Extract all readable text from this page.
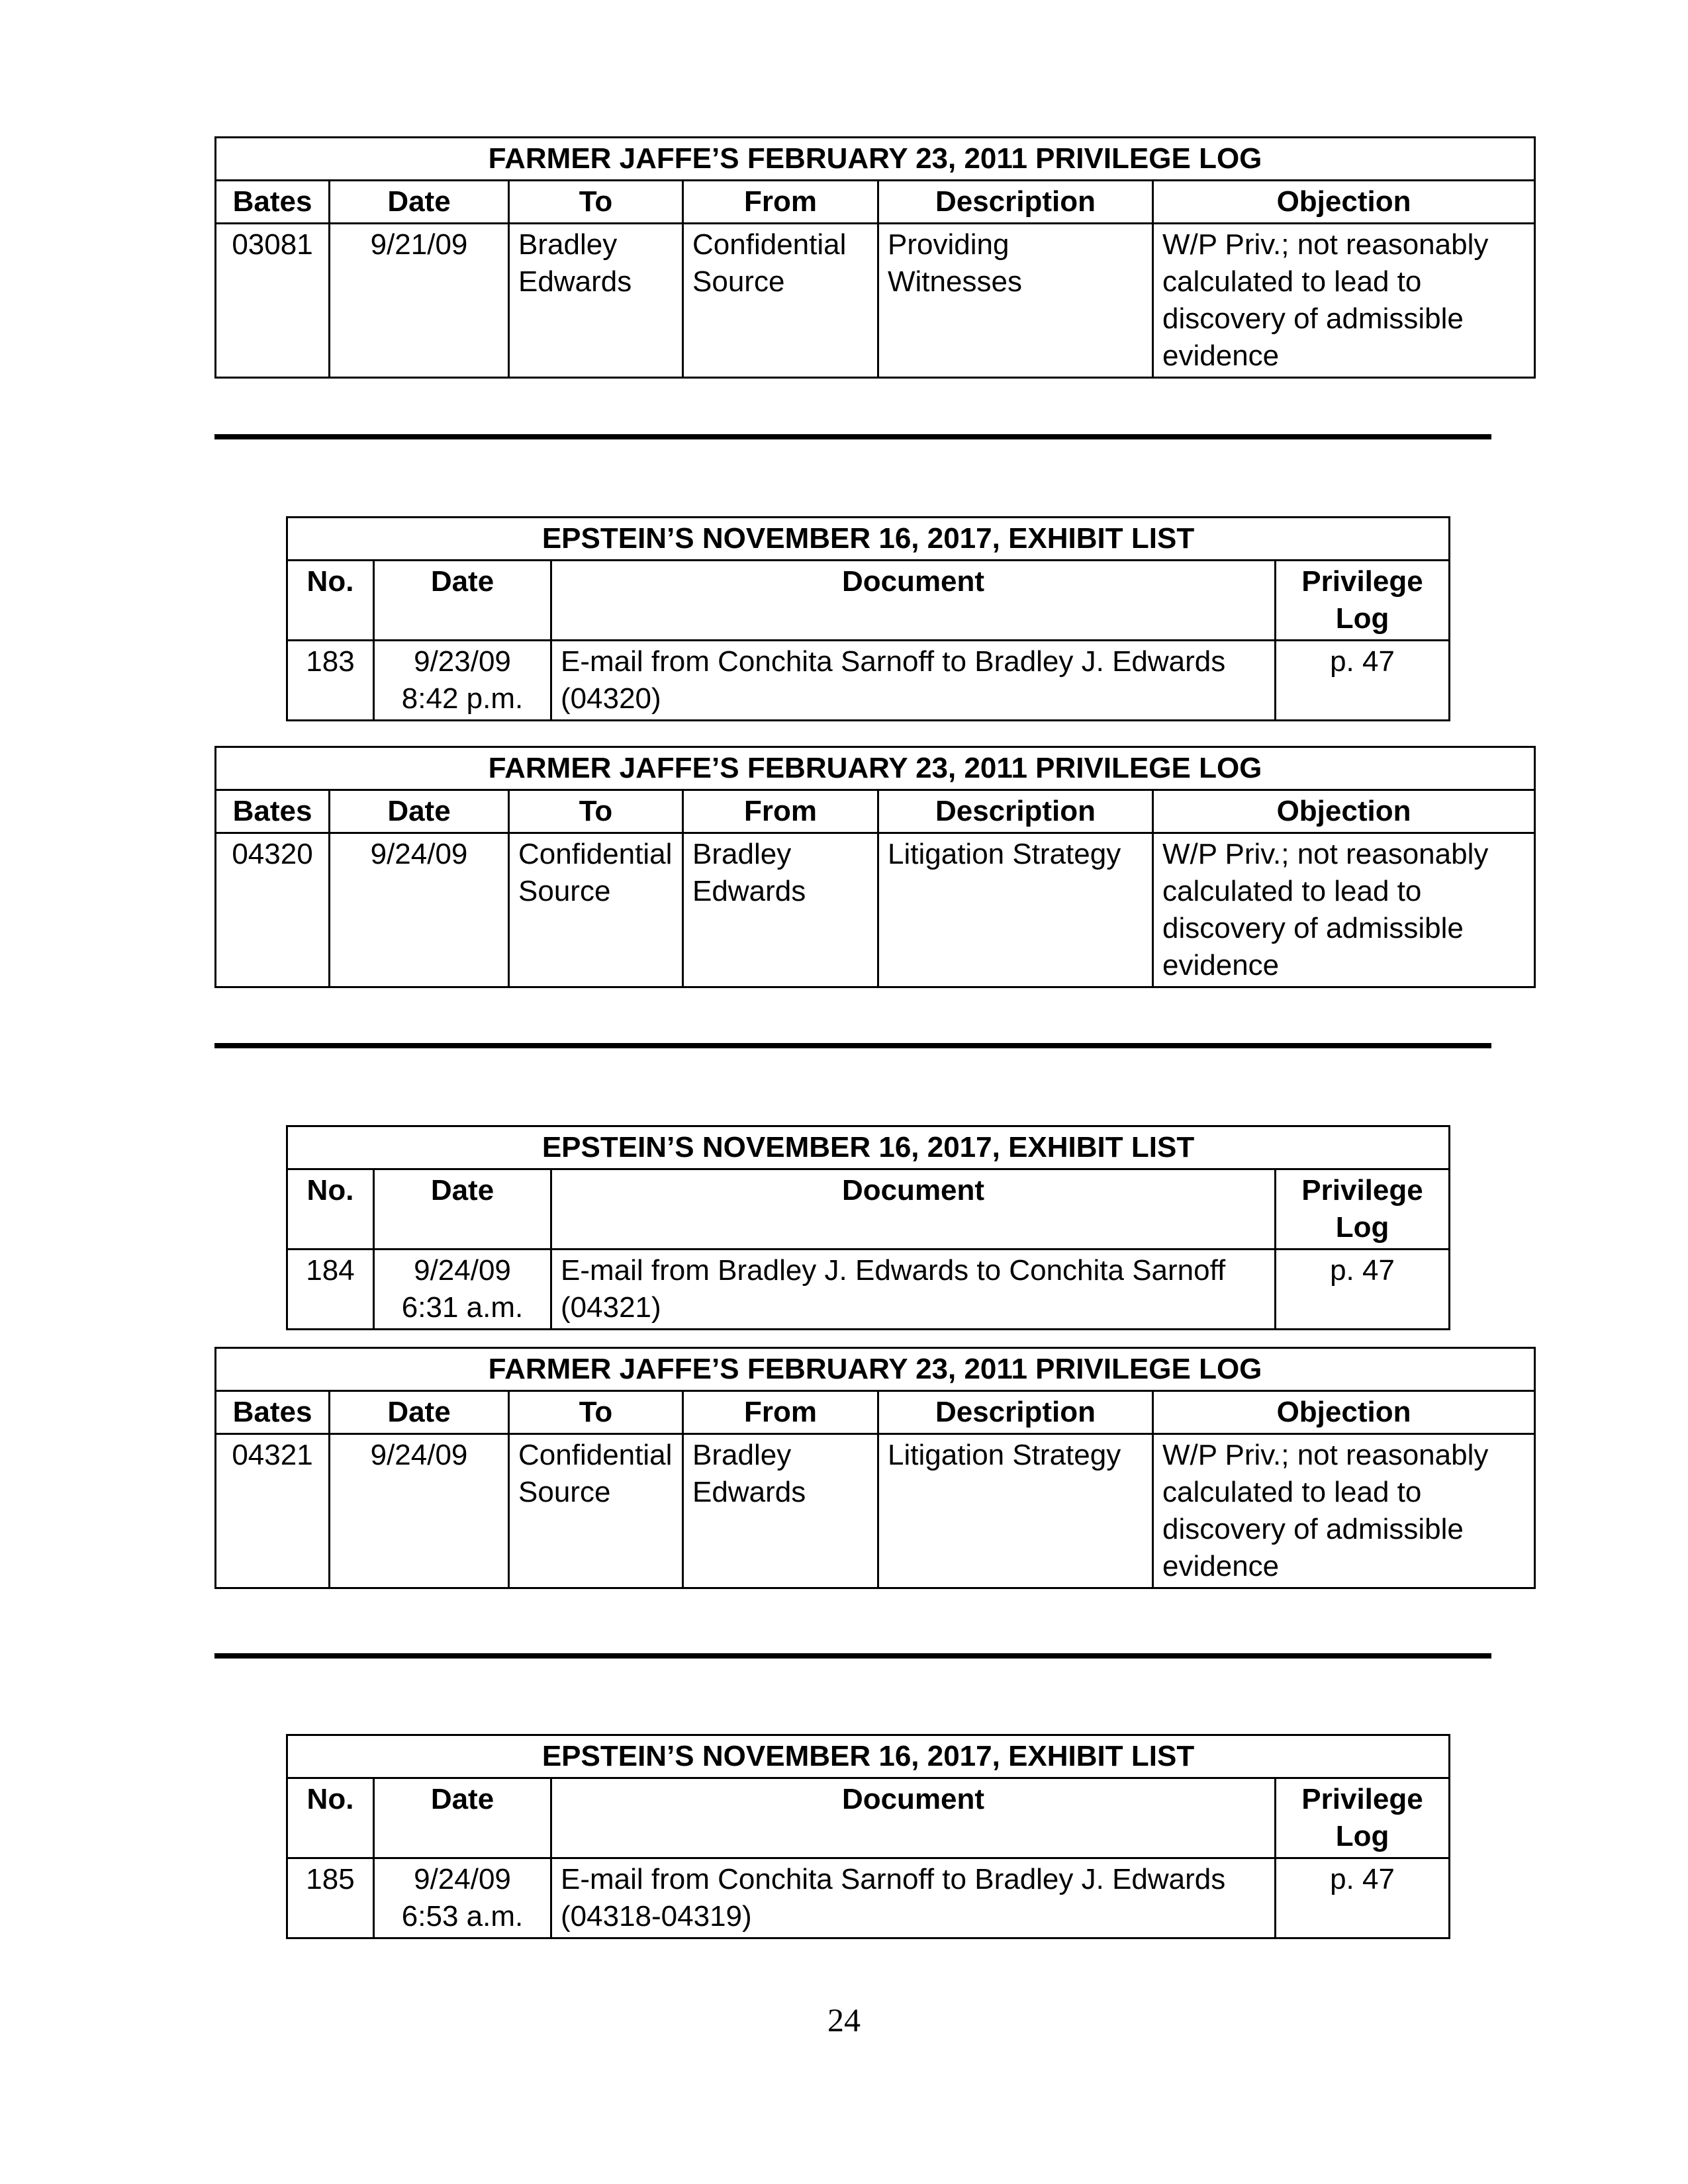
FARMER JAFFE’S FEBRUARY 23, 2011 PRIVILEGE LOG					
Bates	Date	To	From	Description	Objection
03081	9/21/09	Bradley Edwards	Confidential Source	Providing Witnesses	W/P Priv.; not reasonably calculated to lead to discovery of admissible evidence
EPSTEIN’S NOVEMBER 16, 2017, EXHIBIT LIST			
No.	Date	Document	Privilege Log
183	9/23/09 8:42 p.m.	E-mail from Conchita Sarnoff to Bradley J. Edwards (04320)	p. 47
FARMER JAFFE’S FEBRUARY 23, 2011 PRIVILEGE LOG					
Bates	Date	To	From	Description	Objection
04320	9/24/09	Confidential Source	Bradley Edwards	Litigation Strategy	W/P Priv.; not reasonably calculated to lead to discovery of admissible evidence
EPSTEIN’S NOVEMBER 16, 2017, EXHIBIT LIST			
No.	Date	Document	Privilege Log
184	9/24/09 6:31 a.m.	E-mail from Bradley J. Edwards to Conchita Sarnoff (04321)	p. 47
FARMER JAFFE’S FEBRUARY 23, 2011 PRIVILEGE LOG					
Bates	Date	To	From	Description	Objection
04321	9/24/09	Confidential Source	Bradley Edwards	Litigation Strategy	W/P Priv.; not reasonably calculated to lead to discovery of admissible evidence
EPSTEIN’S NOVEMBER 16, 2017, EXHIBIT LIST			
No.	Date	Document	Privilege Log
185	9/24/09 6:53 a.m.	E-mail from Conchita Sarnoff to Bradley J. Edwards (04318-04319)	p. 47
24
